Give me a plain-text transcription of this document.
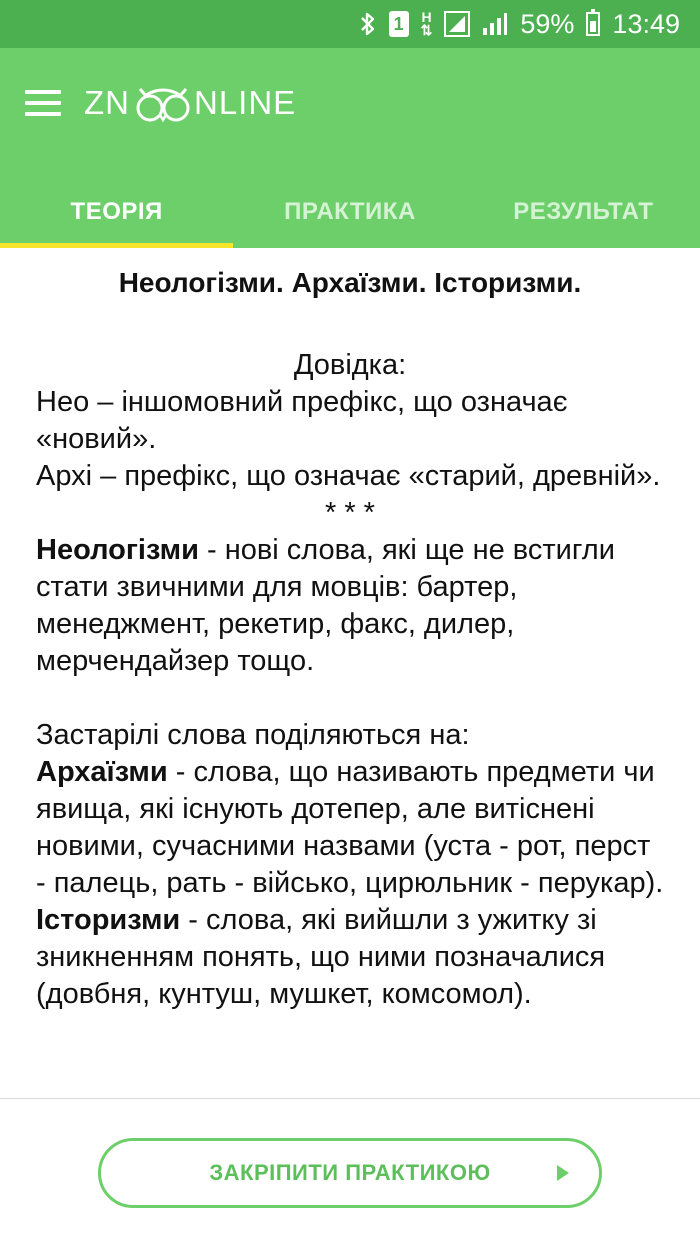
1	H
⇅	59% 13:49
ZN NLINE
ТЕОРІЯ	ПРАКТИКА	РЕЗУЛЬТАТ
Неологізми. Архаїзми. Історизми.
Довідка:
Нео – іншомовний префікс, що означає «новий».
Архі – префікс, що означає «старий, древній».
* * *
Неологізми - нові слова, які ще не встигли стати звичними для мовців: бартер, менеджмент, рекетир, факс, дилер, мерчендайзер тощо.
Застарілі слова поділяються на:
Архаїзми - слова, що називають предмети чи явища, які існують дотепер, але витіснені новими, сучасними назвами (уста - рот, перст - палець, рать - військо, цирюльник - перукар).
Історизми - слова, які вийшли з ужитку зі зникненням понять, що ними позначалися (довбня, кунтуш, мушкет, комсомол).
ЗАКРІПИТИ ПРАКТИКОЮ
